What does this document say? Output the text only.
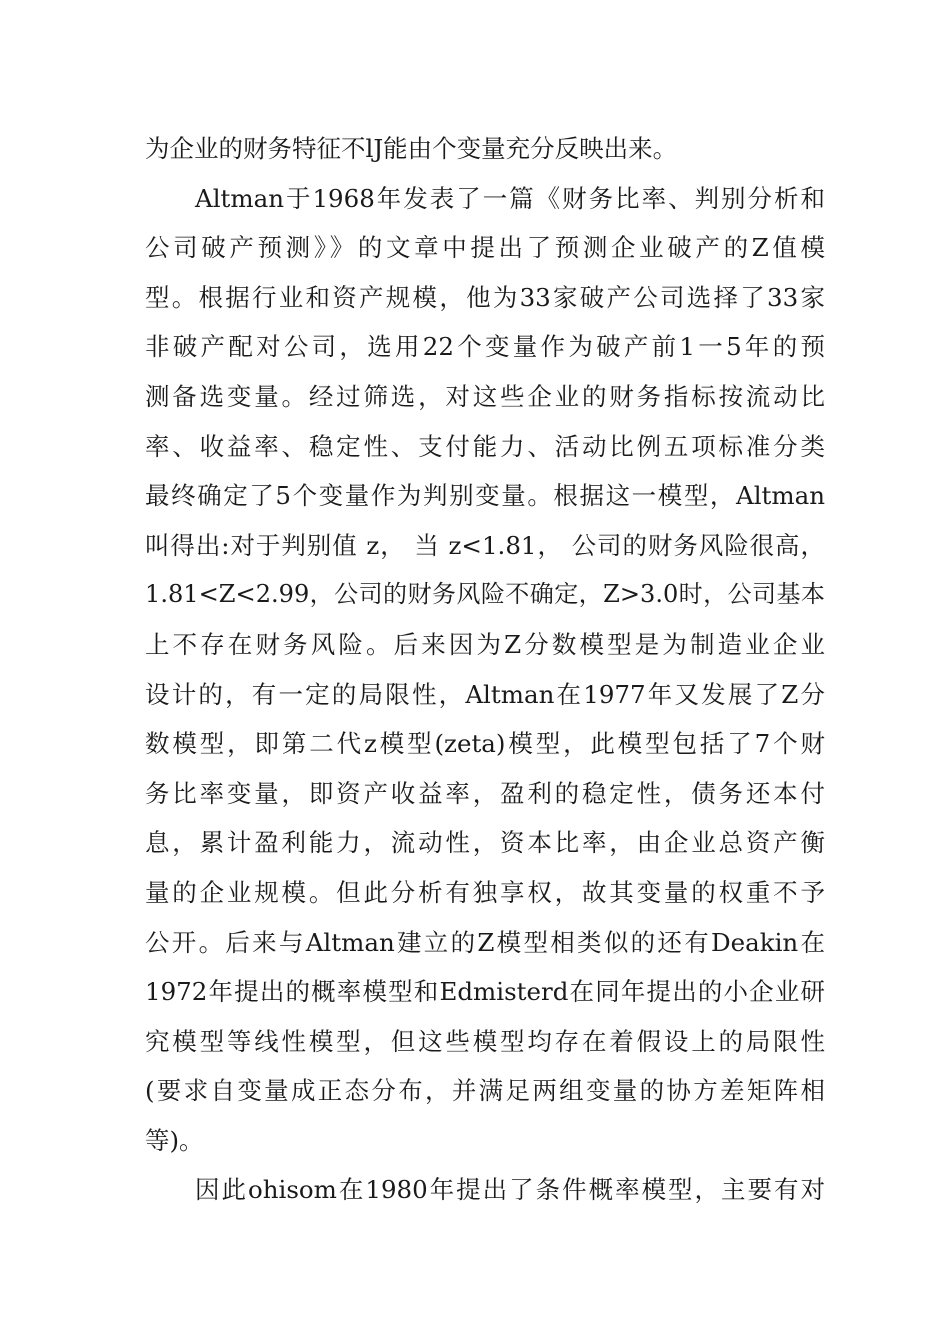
为企业的财务特征不lJ能由个变量充分反映出来。
Altman于1968年发表了一篇《财务比率、判别分析和
公司破产预测》》的文章中提出了预测企业破产的Z值模
型。根据行业和资产规模，他为33家破产公司选择了33家
非破产配对公司，选用22个变量作为破产前1一5年的预
测备选变量。经过筛选，对这些企业的财务指标按流动比
率、收益率、稳定性、支付能力、活动比例五项标准分类
最终确定了5个变量作为判别变量。根据这一模型，Altman
叫得出:对于判别值 z， 当 z<1.81， 公司的财务风险很高，
1.81<Z<2.99，公司的财务风险不确定，Z>3.0时，公司基本
上不存在财务风险。后来因为Z分数模型是为制造业企业
设计的，有一定的局限性，Altman在1977年又发展了Z分
数模型，即第二代z模型(zeta)模型，此模型包括了7个财
务比率变量，即资产收益率，盈利的稳定性，债务还本付
息，累计盈利能力，流动性，资本比率，由企业总资产衡
量的企业规模。但此分析有独享权，故其变量的权重不予
公开。后来与Altman建立的Z模型相类似的还有Deakin在
1972年提出的概率模型和Edmisterd在同年提出的小企业研
究模型等线性模型，但这些模型均存在着假设上的局限性
(要求自变量成正态分布，并满足两组变量的协方差矩阵相
等)。
因此ohisom在1980年提出了条件概率模型，主要有对
